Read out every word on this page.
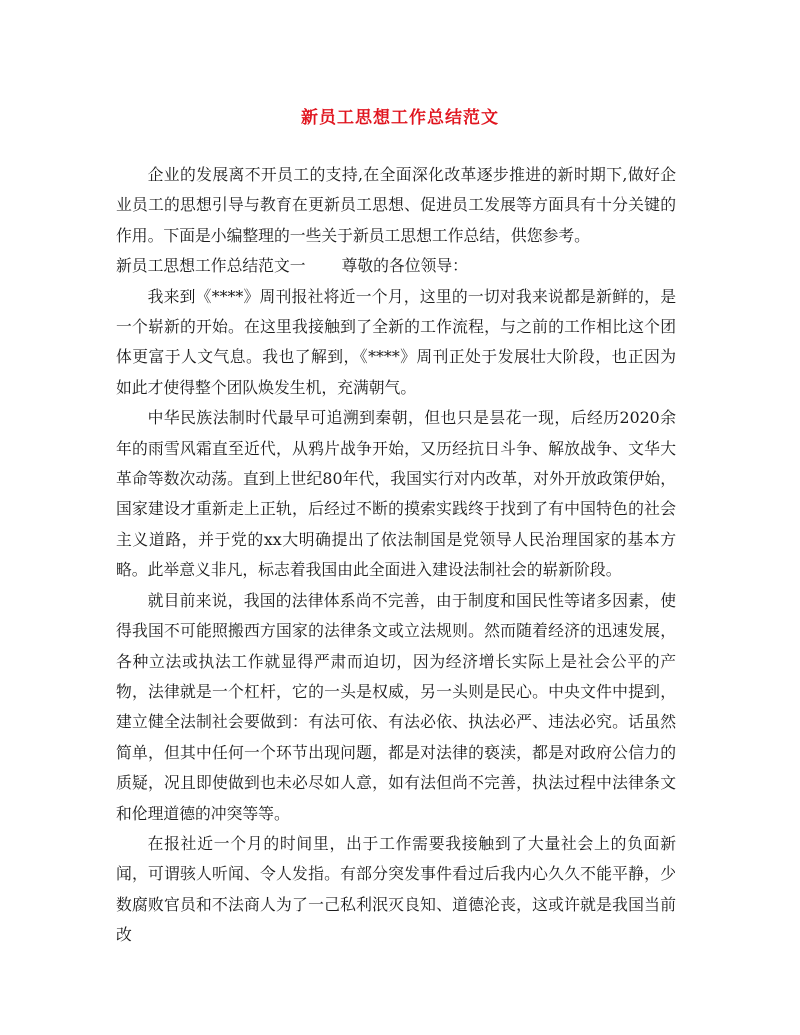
新员工思想工作总结范文

企业的发展离不开员工的支持,在全面深化改革逐步推进的新时期下,做好企业员工的思想引导与教育在更新员工思想、促进员工发展等方面具有十分关键的作用。下面是小编整理的一些关于新员工思想工作总结，供您参考。

新员工思想工作总结范文一 尊敬的各位领导：

我来到《****》周刊报社将近一个月，这里的一切对我来说都是新鲜的，是一个崭新的开始。在这里我接触到了全新的工作流程，与之前的工作相比这个团体更富于人文气息。我也了解到，《****》周刊正处于发展壮大阶段，也正因为如此才使得整个团队焕发生机，充满朝气。

中华民族法制时代最早可追溯到秦朝，但也只是昙花一现，后经历2020余年的雨雪风霜直至近代，从鸦片战争开始，又历经抗日斗争、解放战争、文华大革命等数次动荡。直到上世纪80年代，我国实行对内改革，对外开放政策伊始，国家建设才重新走上正轨，后经过不断的摸索实践终于找到了有中国特色的社会主义道路，并于党的xx大明确提出了依法制国是党领导人民治理国家的基本方略。此举意义非凡，标志着我国由此全面进入建设法制社会的崭新阶段。

就目前来说，我国的法律体系尚不完善，由于制度和国民性等诸多因素，使得我国不可能照搬西方国家的法律条文或立法规则。然而随着经济的迅速发展，各种立法或执法工作就显得严肃而迫切，因为经济增长实际上是社会公平的产物，法律就是一个杠杆，它的一头是权威，另一头则是民心。中央文件中提到，建立健全法制社会要做到：有法可依、有法必依、执法必严、违法必究。话虽然简单，但其中任何一个环节出现问题，都是对法律的亵渎，都是对政府公信力的质疑，况且即使做到也未必尽如人意，如有法但尚不完善，执法过程中法律条文和伦理道德的冲突等等。

在报社近一个月的时间里，出于工作需要我接触到了大量社会上的负面新闻，可谓骇人听闻、令人发指。有部分突发事件看过后我内心久久不能平静，少数腐败官员和不法商人为了一己私利泯灭良知、道德沦丧，这或许就是我国当前改
